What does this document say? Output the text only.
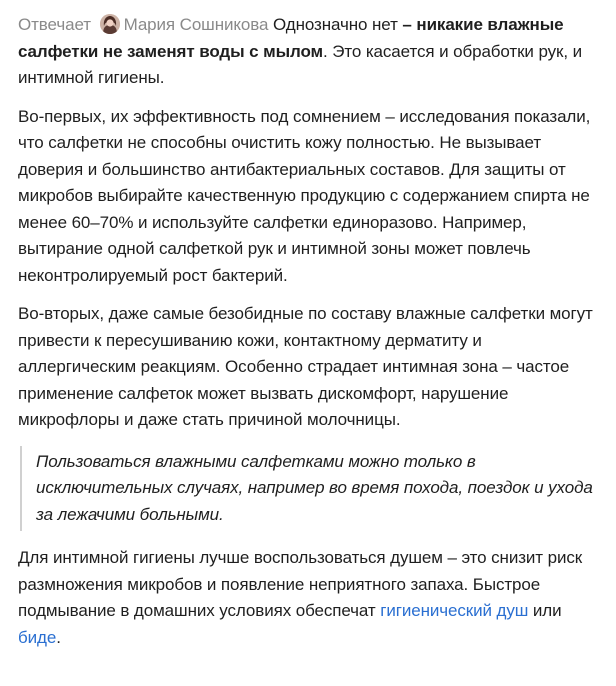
Отвечает Мария Сошникова Однозначно нет – никакие влажные салфетки не заменят воды с мылом. Это касается и обработки рук, и интимной гигиены.

Во-первых, их эффективность под сомнением – исследования показали, что салфетки не способны очистить кожу полностью. Не вызывает доверия и большинство антибактериальных составов. Для защиты от микробов выбирайте качественную продукцию с содержанием спирта не менее 60–70% и используйте салфетки единоразово. Например, вытирание одной салфеткой рук и интимной зоны может повлечь неконтролируемый рост бактерий.

Во-вторых, даже самые безобидные по составу влажные салфетки могут привести к пересушиванию кожи, контактному дерматиту и аллергическим реакциям. Особенно страдает интимная зона – частое применение салфеток может вызвать дискомфорт, нарушение микрофлоры и даже стать причиной молочницы.

Пользоваться влажными салфетками можно только в исключительных случаях, например во время похода, поездок и ухода за лежачими больными.

Для интимной гигиены лучше воспользоваться душем – это снизит риск размножения микробов и появление неприятного запаха. Быстрое подмывание в домашних условиях обеспечат гигиенический душ или биде.
